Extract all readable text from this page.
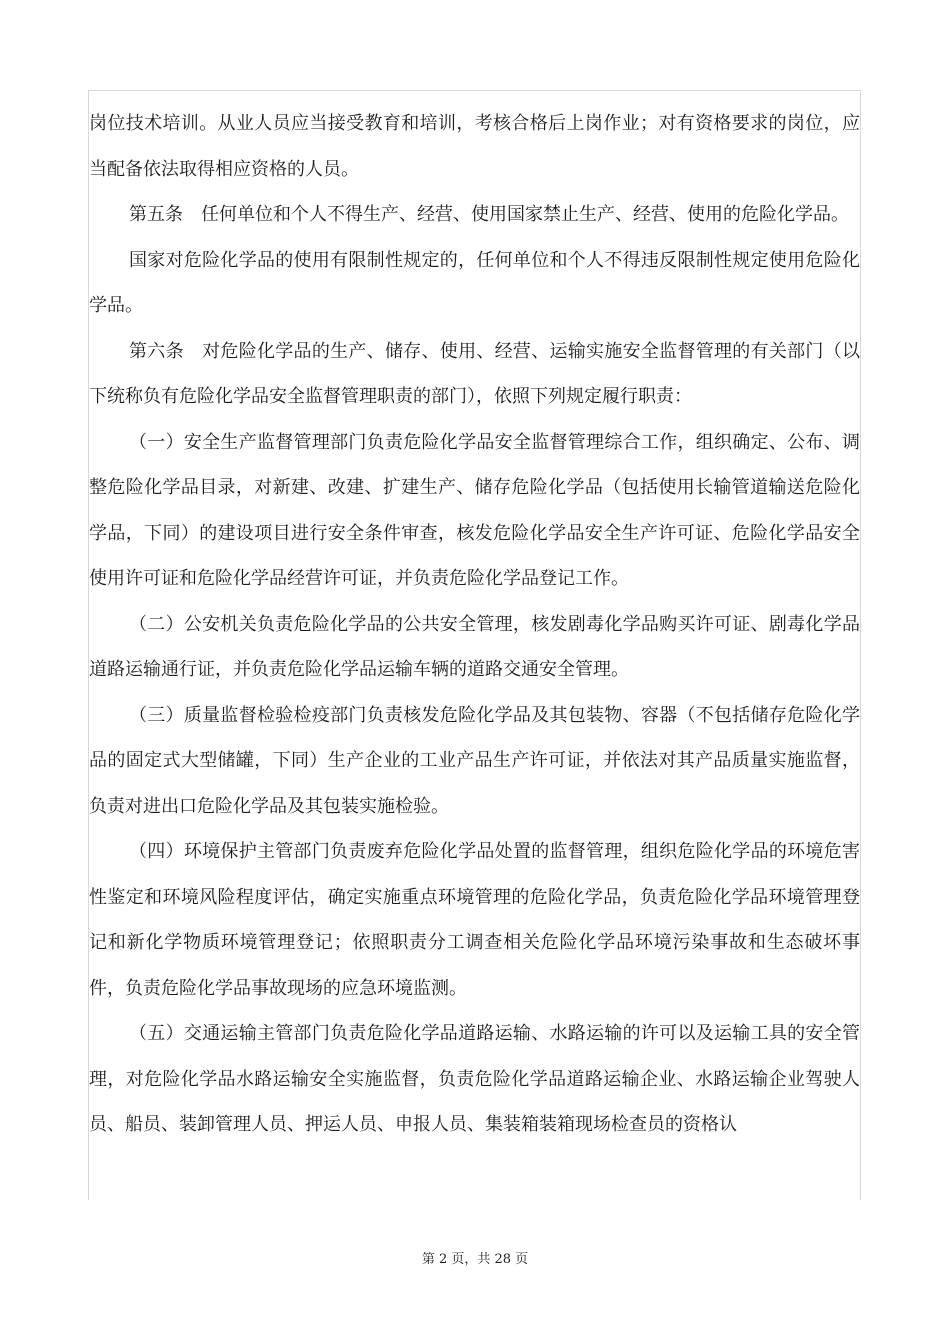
岗位技术培训。从业人员应当接受教育和培训，考核合格后上岗作业；对有资格要求的岗位，应当配备依法取得相应资格的人员。

第五条　任何单位和个人不得生产、经营、使用国家禁止生产、经营、使用的危险化学品。

国家对危险化学品的使用有限制性规定的，任何单位和个人不得违反限制性规定使用危险化学品。

第六条　对危险化学品的生产、储存、使用、经营、运输实施安全监督管理的有关部门（以下统称负有危险化学品安全监督管理职责的部门），依照下列规定履行职责：

（一）安全生产监督管理部门负责危险化学品安全监督管理综合工作，组织确定、公布、调整危险化学品目录，对新建、改建、扩建生产、储存危险化学品（包括使用长输管道输送危险化学品，下同）的建设项目进行安全条件审查，核发危险化学品安全生产许可证、危险化学品安全使用许可证和危险化学品经营许可证，并负责危险化学品登记工作。

（二）公安机关负责危险化学品的公共安全管理，核发剧毒化学品购买许可证、剧毒化学品道路运输通行证，并负责危险化学品运输车辆的道路交通安全管理。

（三）质量监督检验检疫部门负责核发危险化学品及其包装物、容器（不包括储存危险化学品的固定式大型储罐，下同）生产企业的工业产品生产许可证，并依法对其产品质量实施监督，负责对进出口危险化学品及其包装实施检验。

（四）环境保护主管部门负责废弃危险化学品处置的监督管理，组织危险化学品的环境危害性鉴定和环境风险程度评估，确定实施重点环境管理的危险化学品，负责危险化学品环境管理登记和新化学物质环境管理登记；依照职责分工调查相关危险化学品环境污染事故和生态破坏事件，负责危险化学品事故现场的应急环境监测。

（五）交通运输主管部门负责危险化学品道路运输、水路运输的许可以及运输工具的安全管理，对危险化学品水路运输安全实施监督，负责危险化学品道路运输企业、水路运输企业驾驶人员、船员、装卸管理人员、押运人员、申报人员、集装箱装箱现场检查员的资格认

第 2 页，共 28 页
